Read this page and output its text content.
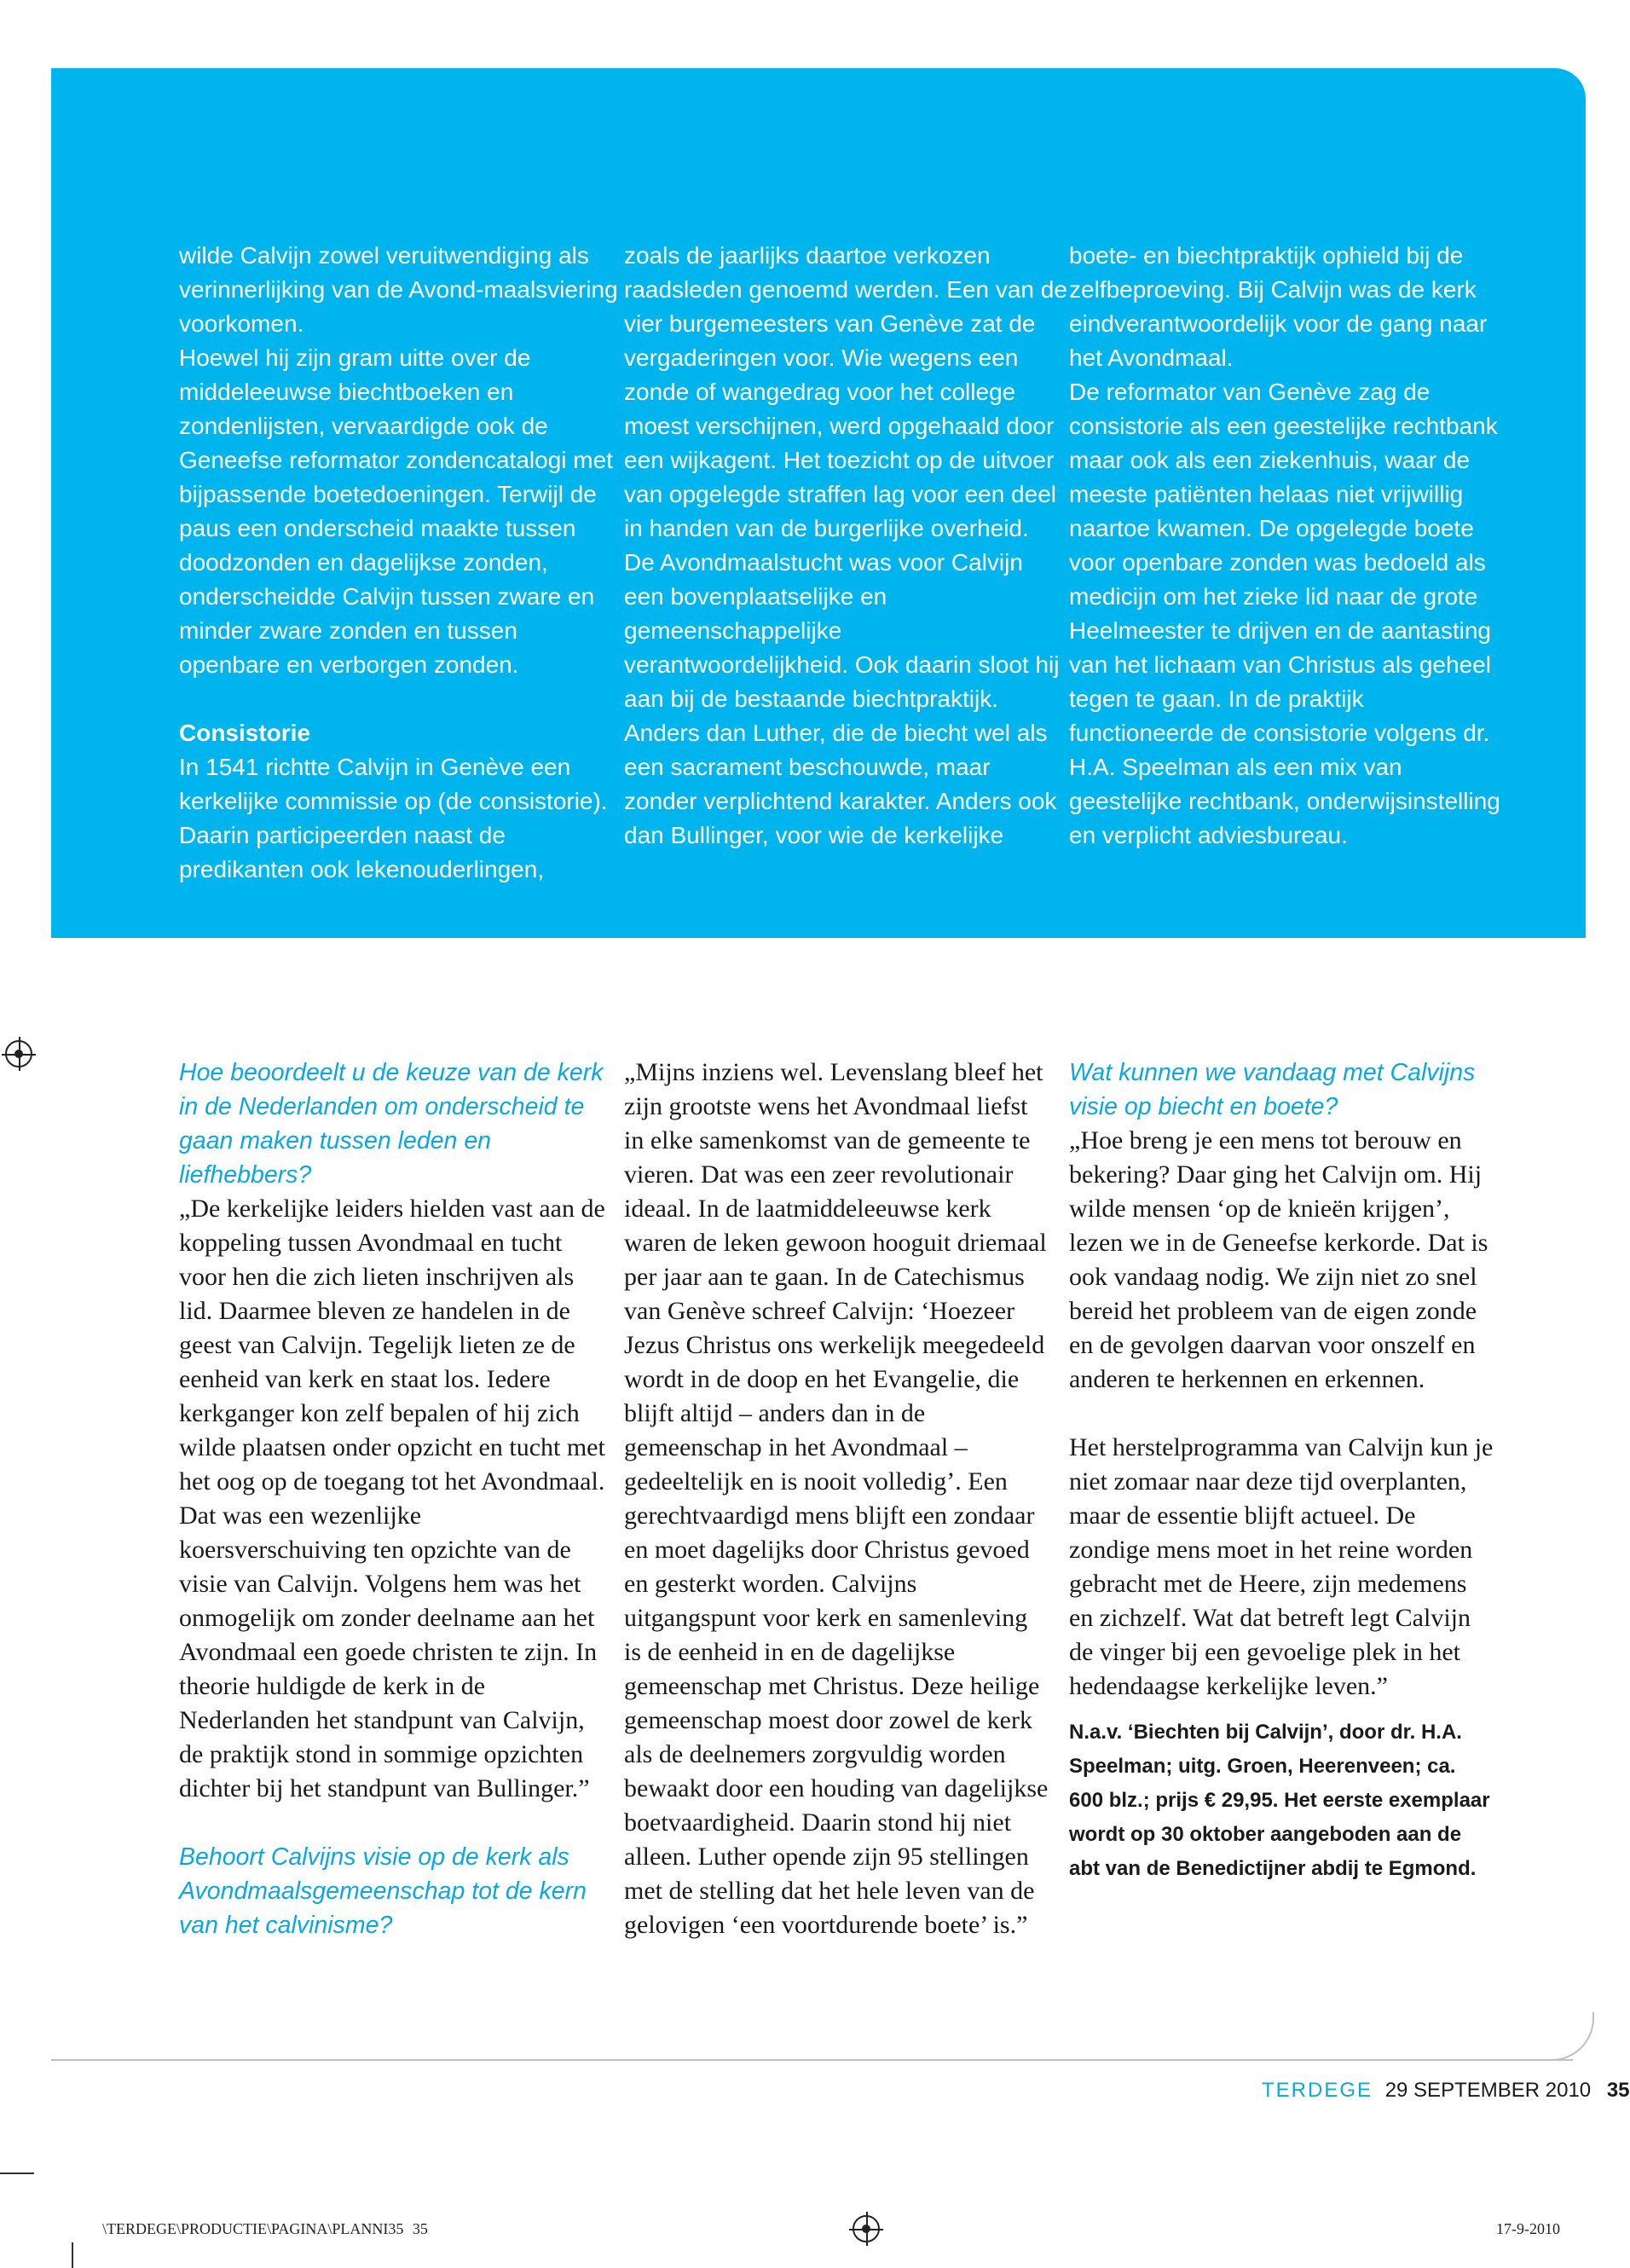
wilde Calvijn zowel veruitwendiging als verinnerlijking van de Avond-maalsviering voorkomen.

Hoewel hij zijn gram uitte over de middeleeuwse biechtboeken en zondenlijsten, vervaardigde ook de Geneefse reformator zondencatalogi met bijpassende boetedoeningen. Terwijl de paus een onderscheid maakte tussen doodzonden en dagelijkse zonden, onderscheidde Calvijn tussen zware en minder zware zonden en tussen openbare en verborgen zonden.

Consistorie

In 1541 richtte Calvijn in Genève een kerkelijke commissie op (de consistorie). Daarin participeerden naast de predikanten ook lekenouderlingen,

zoals de jaarlijks daartoe verkozen raadsleden genoemd werden. Een van de vier burgemeesters van Genève zat de vergaderingen voor. Wie wegens een zonde of wangedrag voor het college moest verschijnen, werd opgehaald door een wijkagent. Het toezicht op de uitvoer van opgelegde straffen lag voor een deel in handen van de burgerlijke overheid.

De Avondmaalstucht was voor Calvijn een bovenplaatselijke en gemeenschappelijke verantwoordelijkheid. Ook daarin sloot hij aan bij de bestaande biechtpraktijk. Anders dan Luther, die de biecht wel als een sacrament beschouwde, maar zonder verplichtend karakter. Anders ook dan Bullinger, voor wie de kerkelijke

boete- en biechtpraktijk ophield bij de zelfbeproeving. Bij Calvijn was de kerk eindverantwoordelijk voor de gang naar het Avondmaal.

De reformator van Genève zag de consistorie als een geestelijke rechtbank maar ook als een ziekenhuis, waar de meeste patiënten helaas niet vrijwillig naartoe kwamen. De opgelegde boete voor openbare zonden was bedoeld als medicijn om het zieke lid naar de grote Heelmeester te drijven en de aantasting van het lichaam van Christus als geheel tegen te gaan. In de praktijk functioneerde de consistorie volgens dr. H.A. Speelman als een mix van geestelijke rechtbank, onderwijsinstelling en verplicht adviesbureau.

Hoe beoordeelt u de keuze van de kerk in de Nederlanden om onderscheid te gaan maken tussen leden en liefhebbers?

„De kerkelijke leiders hielden vast aan de koppeling tussen Avondmaal en tucht voor hen die zich lieten inschrijven als lid. Daarmee bleven ze handelen in de geest van Calvijn. Tegelijk lieten ze de eenheid van kerk en staat los. Iedere kerkganger kon zelf bepalen of hij zich wilde plaatsen onder opzicht en tucht met het oog op de toegang tot het Avondmaal. Dat was een wezenlijke koersverschuiving ten opzichte van de visie van Calvijn. Volgens hem was het onmogelijk om zonder deelname aan het Avondmaal een goede christen te zijn. In theorie huldigde de kerk in de Nederlanden het standpunt van Calvijn, de praktijk stond in sommige opzichten dichter bij het standpunt van Bullinger.”

Behoort Calvijns visie op de kerk als Avondmaalsgemeenschap tot de kern van het calvinisme?

„Mijns inziens wel. Levenslang bleef het zijn grootste wens het Avondmaal liefst in elke samenkomst van de gemeente te vieren. Dat was een zeer revolutionair ideaal. In de laatmiddeleeuwse kerk waren de leken gewoon hooguit driemaal per jaar aan te gaan. In de Catechismus van Genève schreef Calvijn: ‘Hoezeer Jezus Christus ons werkelijk meegedeeld wordt in de doop en het Evangelie, die blijft altijd – anders dan in de gemeenschap in het Avondmaal – gedeeltelijk en is nooit volledig’. Een gerechtvaardigd mens blijft een zondaar en moet dagelijks door Christus gevoed en gesterkt worden. Calvijns uitgangspunt voor kerk en samenleving is de eenheid in en de dagelijkse gemeenschap met Christus. Deze heilige gemeenschap moest door zowel de kerk als de deelnemers zorgvuldig worden bewaakt door een houding van dagelijkse boetvaardigheid. Daarin stond hij niet alleen. Luther opende zijn 95 stellingen met de stelling dat het hele leven van de gelovigen ‘een voortdurende boete’ is.”

Wat kunnen we vandaag met Calvijns visie op biecht en boete?

„Hoe breng je een mens tot berouw en bekering? Daar ging het Calvijn om. Hij wilde mensen ‘op de knieën krijgen’, lezen we in de Geneefse kerkorde. Dat is ook vandaag nodig. We zijn niet zo snel bereid het probleem van de eigen zonde en de gevolgen daarvan voor onszelf en anderen te herkennen en erkennen.

Het herstelprogramma van Calvijn kun je niet zomaar naar deze tijd overplanten, maar de essentie blijft actueel. De zondige mens moet in het reine worden gebracht met de Heere, zijn medemens en zichzelf. Wat dat betreft legt Calvijn de vinger bij een gevoelige plek in het hedendaagse kerkelijke leven.”

N.a.v. ‘Biechten bij Calvijn’, door dr. H.A. Speelman; uitg. Groen, Heerenveen; ca. 600 blz.; prijs € 29,95. Het eerste exemplaar wordt op 30 oktober aangeboden aan de abt van de Benedictijner abdij te Egmond.

TERDEGE 29 SEPTEMBER 2010 35
\TERDEGE\PRODUCTIE\PAGINA\PLANNI35 35	17-9-2010
